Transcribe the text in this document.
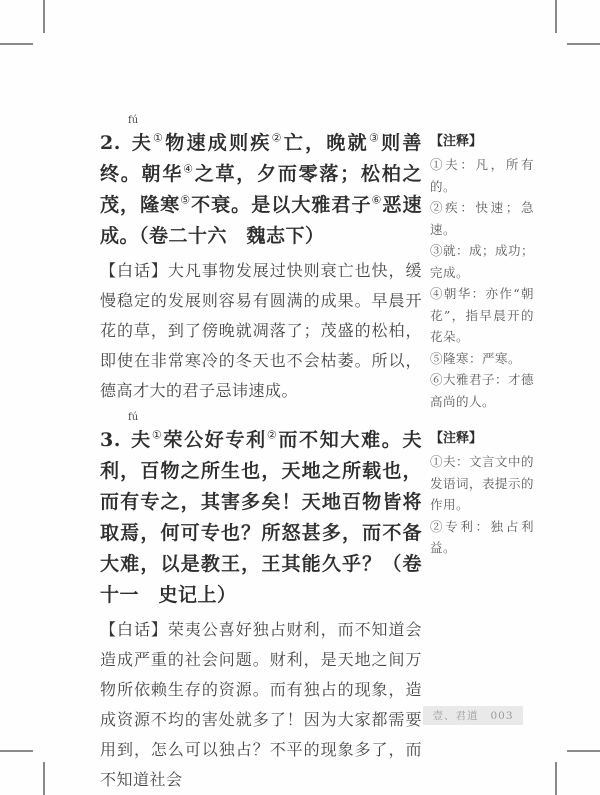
fú
2. 夫①物速成则疾②亡，晚就③则善终。朝华④之草，夕而零落；松柏之茂，隆寒⑤不衰。是以大雅君子⑥恶速成。（卷二十六　魏志下）

【白话】大凡事物发展过快则衰亡也快，缓慢稳定的发展则容易有圆满的成果。早晨开花的草，到了傍晚就凋落了；茂盛的松柏，即使在非常寒冷的冬天也不会枯萎。所以，德高才大的君子忌讳速成。

【注释】
①夫：凡，所有的。
②疾：快速；急速。
③就：成；成功；完成。
④朝华：亦作“朝花”，指早晨开的花朵。
⑤隆寒：严寒。
⑥大雅君子：才德高尚的人。

fú
3. 夫①荣公好专利②而不知大难。夫利，百物之所生也，天地之所载也，而有专之，其害多矣！天地百物皆将取焉，何可专也？所怒甚多，而不备大难，以是教王，王其能久乎？（卷十一　史记上）

【白话】荣夷公喜好独占财利，而不知道会造成严重的社会问题。财利，是天地之间万物所依赖生存的资源。而有独占的现象，造成资源不均的害处就多了！因为大家都需要用到，怎么可以独占？不平的现象多了，而不知道社会

【注释】
①夫：文言文中的发语词，表提示的作用。
②专利：独占利益。
壹、君道 003
